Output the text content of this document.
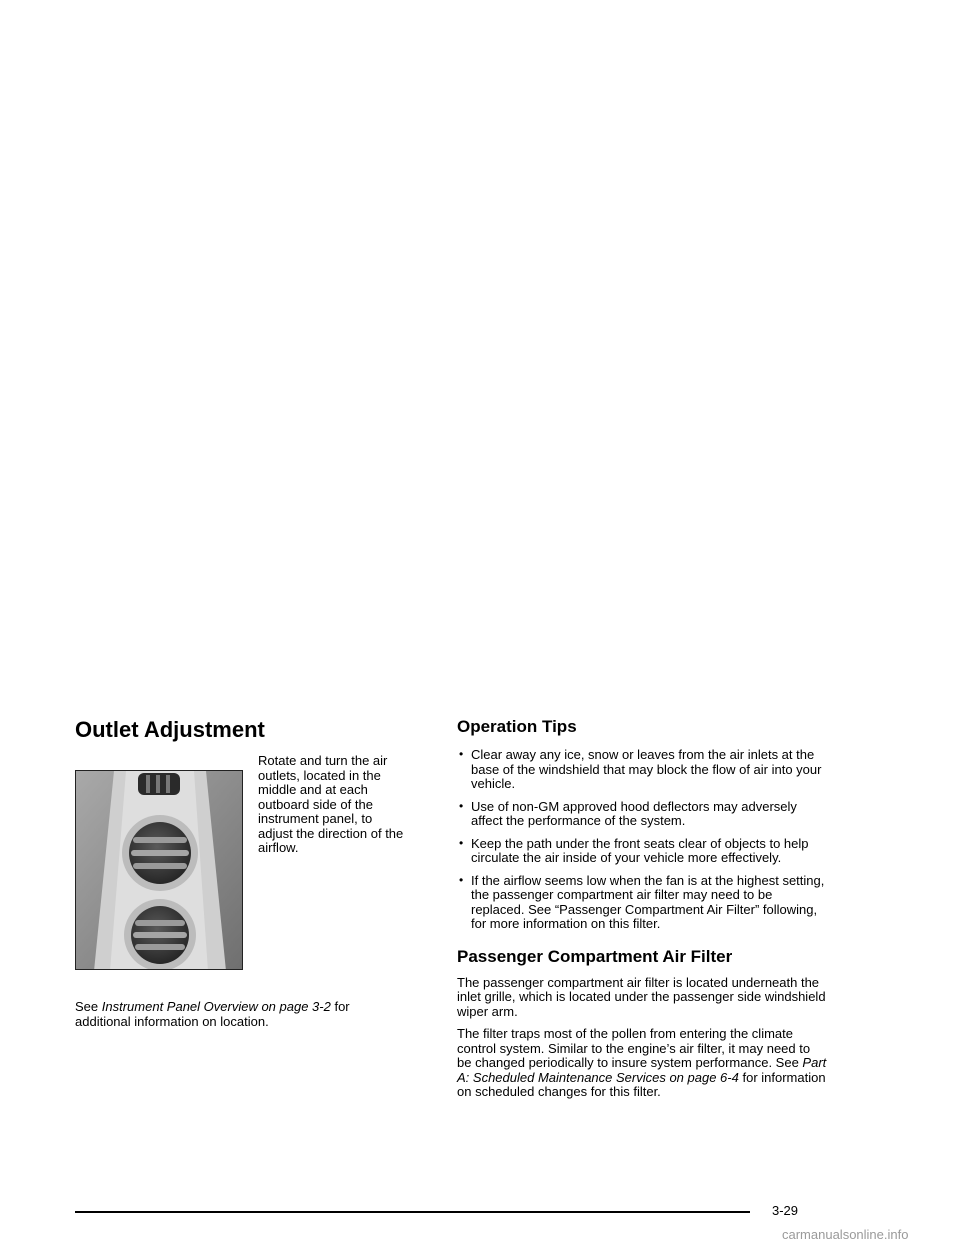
Outlet Adjustment

Rotate and turn the air outlets, located in the middle and at each outboard side of the instrument panel, to adjust the direction of the airflow.

See Instrument Panel Overview on page 3-2 for additional information on location.

Operation Tips
• Clear away any ice, snow or leaves from the air inlets at the base of the windshield that may block the flow of air into your vehicle.
• Use of non-GM approved hood deflectors may adversely affect the performance of the system.
• Keep the path under the front seats clear of objects to help circulate the air inside of your vehicle more effectively.
• If the airflow seems low when the fan is at the highest setting, the passenger compartment air filter may need to be replaced. See “Passenger Compartment Air Filter” following, for more information on this filter.
Passenger Compartment Air Filter

The passenger compartment air filter is located underneath the inlet grille, which is located under the passenger side windshield wiper arm.

The filter traps most of the pollen from entering the climate control system. Similar to the engine’s air filter, it may need to be changed periodically to insure system performance. See Part A: Scheduled Maintenance Services on page 6-4 for information on scheduled changes for this filter.

3-29
carmanualsonline.info
